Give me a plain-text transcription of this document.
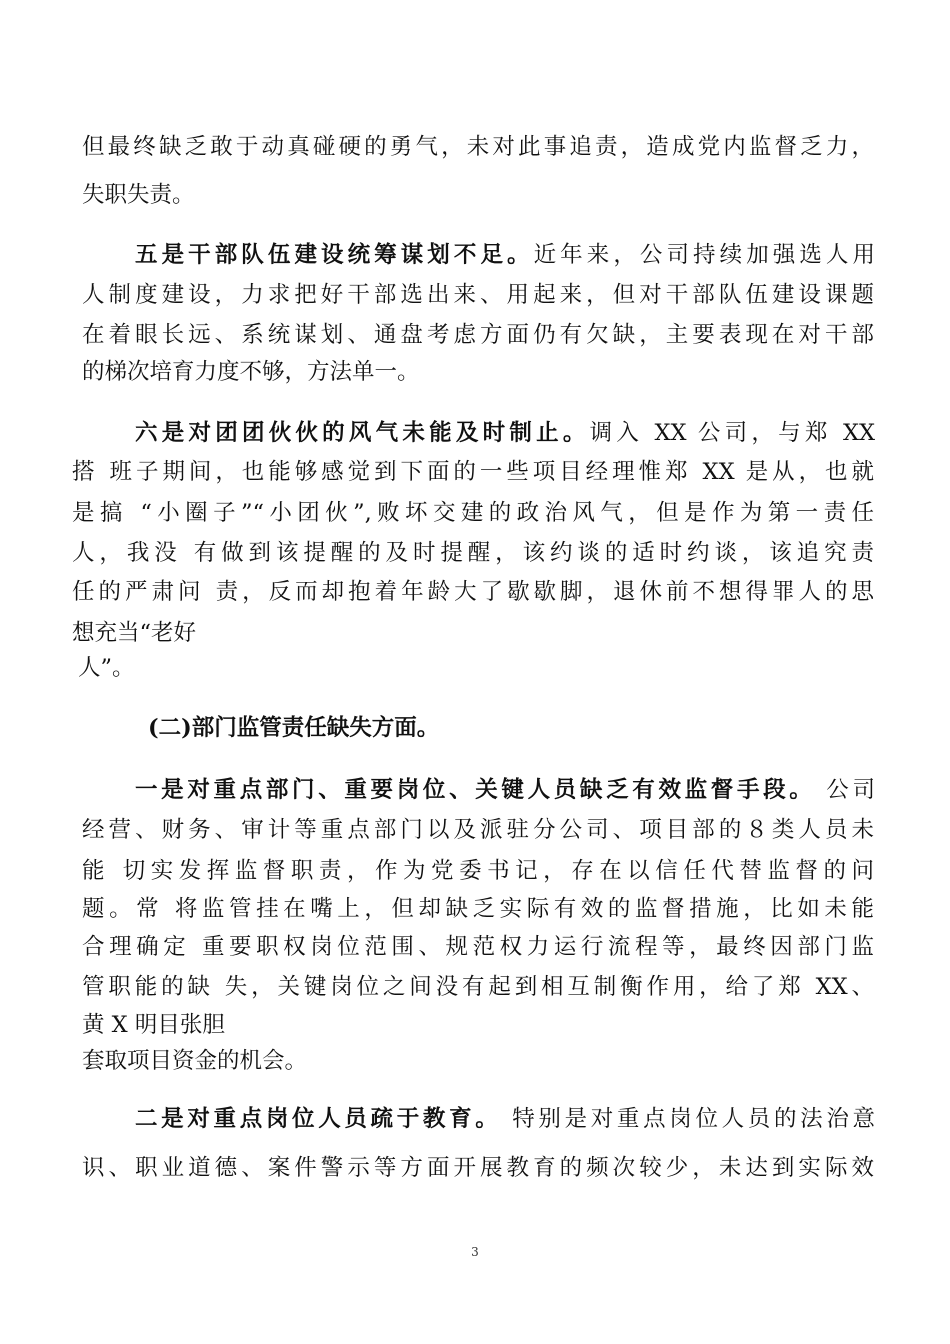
但最终缺乏敢于动真碰硬的勇气，未对此事追责，造成党内监督乏力，
失职失责。
五是干部队伍建设统筹谋划不足。近年来，公司持续加强选人用
人制度建设，力求把好干部选出来、用起来，但对干部队伍建设课题
在着眼长远、系统谋划、通盘考虑方面仍有欠缺，主要表现在对干部
的梯次培育力度不够，方法单一。
六是对团团伙伙的风气未能及时制止。调入 XX 公司，与郑 XX
搭 班子期间，也能够感觉到下面的一些项目经理惟郑 XX 是从，也就
是搞 “小圈子”“小团伙”,败坏交建的政治风气，但是作为第一责任
人，我没 有做到该提醒的及时提醒，该约谈的适时约谈，该追究责
任的严肃问 责，反而却抱着年龄大了歇歇脚，退休前不想得罪人的思
想充当“老好
人”。
(二)部门监管责任缺失方面。
一是对重点部门、重要岗位、关键人员缺乏有效监督手段。 公司
经营、财务、审计等重点部门以及派驻分公司、项目部的８类人员未
能 切实发挥监督职责，作为党委书记，存在以信任代替监督的问
题。常 将监管挂在嘴上，但却缺乏实际有效的监督措施，比如未能
合理确定 重要职权岗位范围、规范权力运行流程等，最终因部门监
管职能的缺 失，关键岗位之间没有起到相互制衡作用，给了郑 XX、
黄 X 明目张胆
套取项目资金的机会。
二是对重点岗位人员疏于教育。 特别是对重点岗位人员的法治意
识、职业道德、案件警示等方面开展教育的频次较少，未达到实际效
3
